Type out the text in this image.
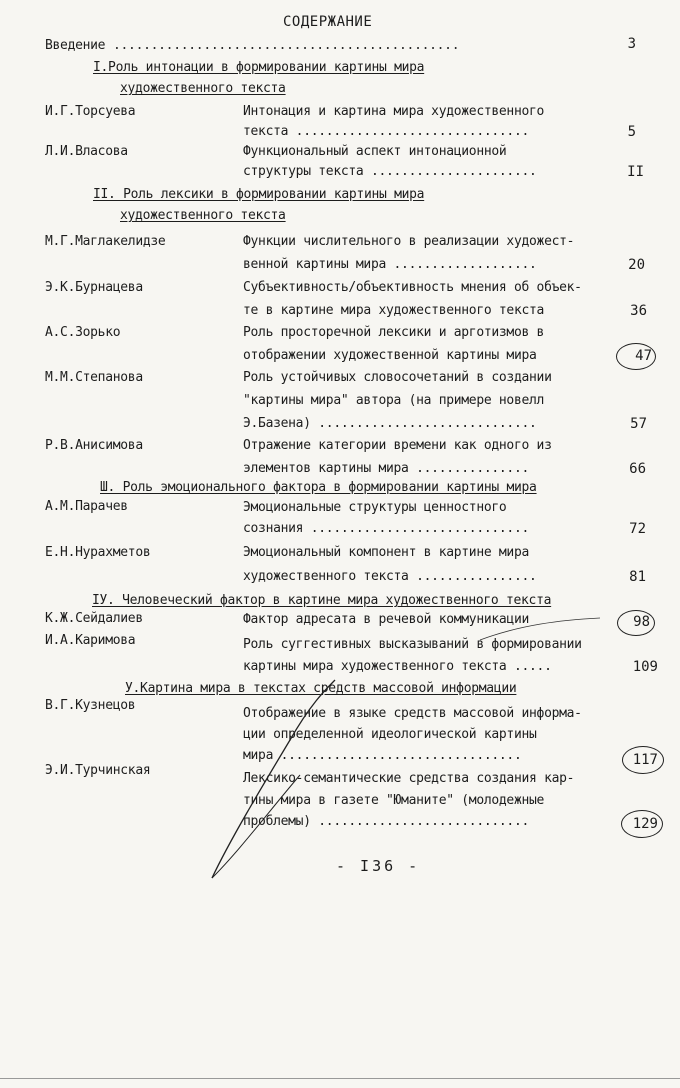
СОДЕРЖАНИЕ
Введение ..............................................	3
I.Роль интонации в формировании картины мира
художественного текста
И.Г.Торсуева	Интонация и картина мира художественного
текста ...............................	5
Л.И.Власова	Функциональный аспект интонационной
структуры текста ......................	II
II. Роль лексики в формировании картины мира
художественного текста
М.Г.Маглакелидзе	Функции числительного в реализации художест-
венной картины мира ...................	20
Э.К.Бурнацева	Субъективность/объективность мнения об объек-
те в картине мира художественного текста	36
А.С.Зорько	Роль просторечной лексики и арготизмов в
отображении художественной картины мира	47
М.М.Степанова	Роль устойчивых словосочетаний в создании
"картины мира" автора (на примере новелл
Э.Базена) .............................	57
Р.В.Анисимова	Отражение категории времени как одного из
элементов картины мира ...............	66
Ш. Роль эмоционального фактора в формировании картины мира
А.М.Парачев	Эмоциональные структуры ценностного
сознания .............................	72
Е.Н.Нурахметов	Эмоциональный компонент в картине мира
художественного текста ................	81
IУ. Человеческий фактор в картине мира художественного текста
К.Ж.Сейдалиев	Фактор адресата в речевой коммуникации	98
И.А.Каримова	Роль суггестивных высказываний в формировании
картины мира художественного текста .....	109
У.Картина мира в текстах средств массовой информации
В.Г.Кузнецов
Отображение в языке средств массовой информа-
ции определенной идеологической картины
мира ................................	117
Э.И.Турчинская
Лексико-семантические средства создания кар-
тины мира в газете "Юманите" (молодежные
проблемы) ............................	129
- I36 -
